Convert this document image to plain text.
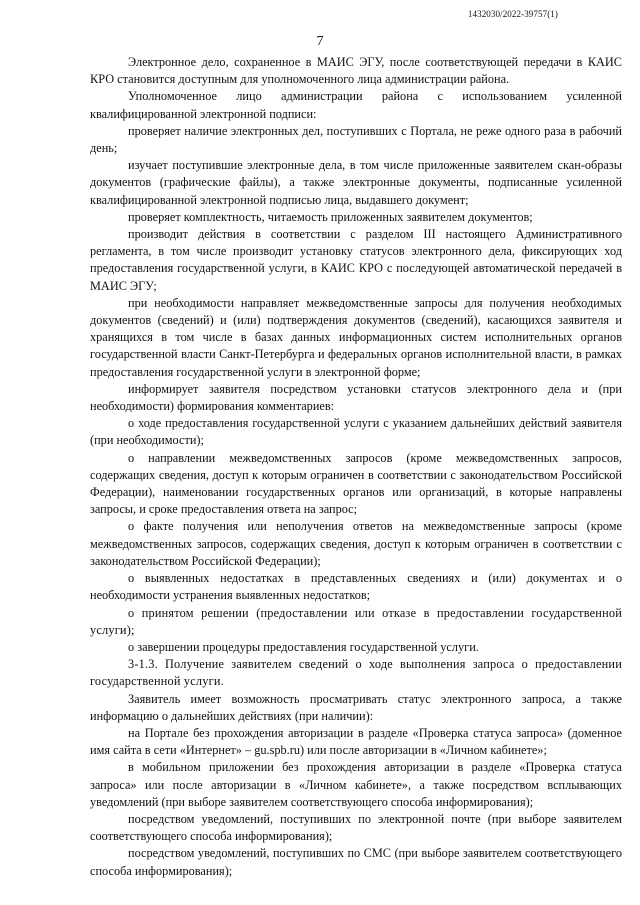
1432030/2022-39757(1)
7

Электронное дело, сохраненное в МАИС ЭГУ, после соответствующей передачи в КАИС КРО становится доступным для уполномоченного лица администрации района.

Уполномоченное лицо администрации района с использованием усиленной квалифицированной электронной подписи:

проверяет наличие электронных дел, поступивших с Портала, не реже одного раза в рабочий день;

изучает поступившие электронные дела, в том числе приложенные заявителем скан-образы документов (графические файлы), а также электронные документы, подписанные усиленной квалифицированной электронной подписью лица, выдавшего документ;

проверяет комплектность, читаемость приложенных заявителем документов;

производит действия в соответствии с разделом III настоящего Административного регламента, в том числе производит установку статусов электронного дела, фиксирующих ход предоставления государственной услуги, в КАИС КРО с последующей автоматической передачей в МАИС ЭГУ;

при необходимости направляет межведомственные запросы для получения необходимых документов (сведений) и (или) подтверждения документов (сведений), касающихся заявителя и хранящихся в том числе в базах данных информационных систем исполнительных органов государственной власти Санкт-Петербурга и федеральных органов исполнительной власти, в рамках предоставления государственной услуги в электронной форме;

информирует заявителя посредством установки статусов электронного дела и (при необходимости) формирования комментариев:

о ходе предоставления государственной услуги с указанием дальнейших действий заявителя (при необходимости);

о направлении межведомственных запросов (кроме межведомственных запросов, содержащих сведения, доступ к которым ограничен в соответствии с законодательством Российской Федерации), наименовании государственных органов или организаций, в которые направлены запросы, и сроке предоставления ответа на запрос;

о факте получения или неполучения ответов на межведомственные запросы (кроме межведомственных запросов, содержащих сведения, доступ к которым ограничен в соответствии с законодательством Российской Федерации);

о выявленных недостатках в представленных сведениях и (или) документах и о необходимости устранения выявленных недостатков;

о принятом решении (предоставлении или отказе в предоставлении государственной услуги);

о завершении процедуры предоставления государственной услуги.

3-1.3. Получение заявителем сведений о ходе выполнения запроса о предоставлении государственной услуги.

Заявитель имеет возможность просматривать статус электронного запроса, а также информацию о дальнейших действиях (при наличии):

на Портале без прохождения авторизации в разделе «Проверка статуса запроса» (доменное имя сайта в сети «Интернет» – gu.spb.ru) или после авторизации в «Личном кабинете»;

в мобильном приложении без прохождения авторизации в разделе «Проверка статуса запроса» или после авторизации в «Личном кабинете», а также посредством всплывающих уведомлений (при выборе заявителем соответствующего способа информирования);

посредством уведомлений, поступивших по электронной почте (при выборе заявителем соответствующего способа информирования);

посредством уведомлений, поступивших по СМС (при выборе заявителем соответствующего способа информирования);
